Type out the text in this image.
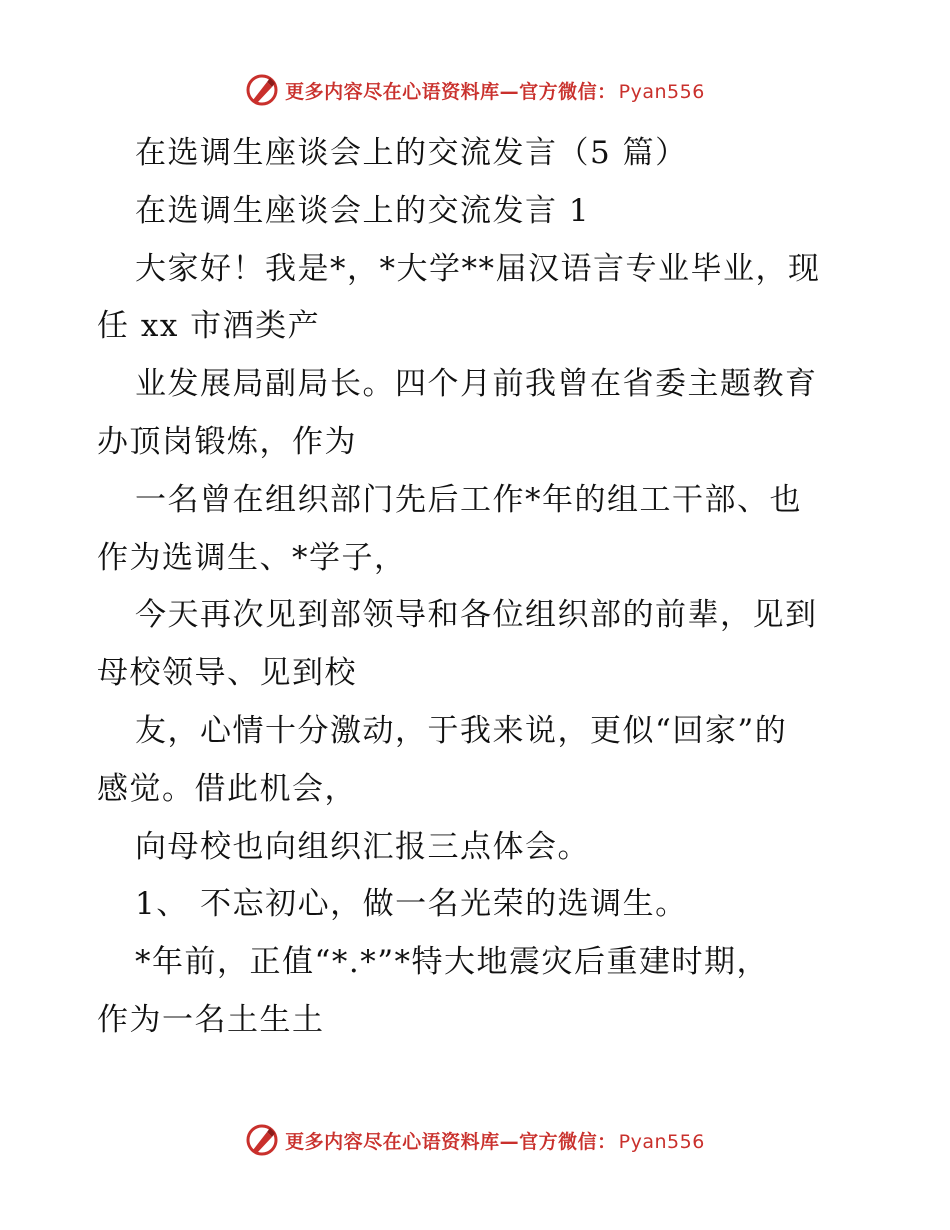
更多内容尽在心语资料库—官方微信： Pyan556
在选调生座谈会上的交流发言（5 篇）
在选调生座谈会上的交流发言 1
大家好！我是*，*大学**届汉语言专业毕业，现
任 xx 市酒类产
业发展局副局长。四个月前我曾在省委主题教育
办顶岗锻炼，作为
一名曾在组织部门先后工作*年的组工干部、也
作为选调生、*学子，
今天再次见到部领导和各位组织部的前辈，见到
母校领导、见到校
友，心情十分激动，于我来说，更似“回家”的
感觉。借此机会，
向母校也向组织汇报三点体会。
1、 不忘初心，做一名光荣的选调生。
*年前，正值“*.*”*特大地震灾后重建时期，
作为一名土生土
更多内容尽在心语资料库—官方微信： Pyan556
